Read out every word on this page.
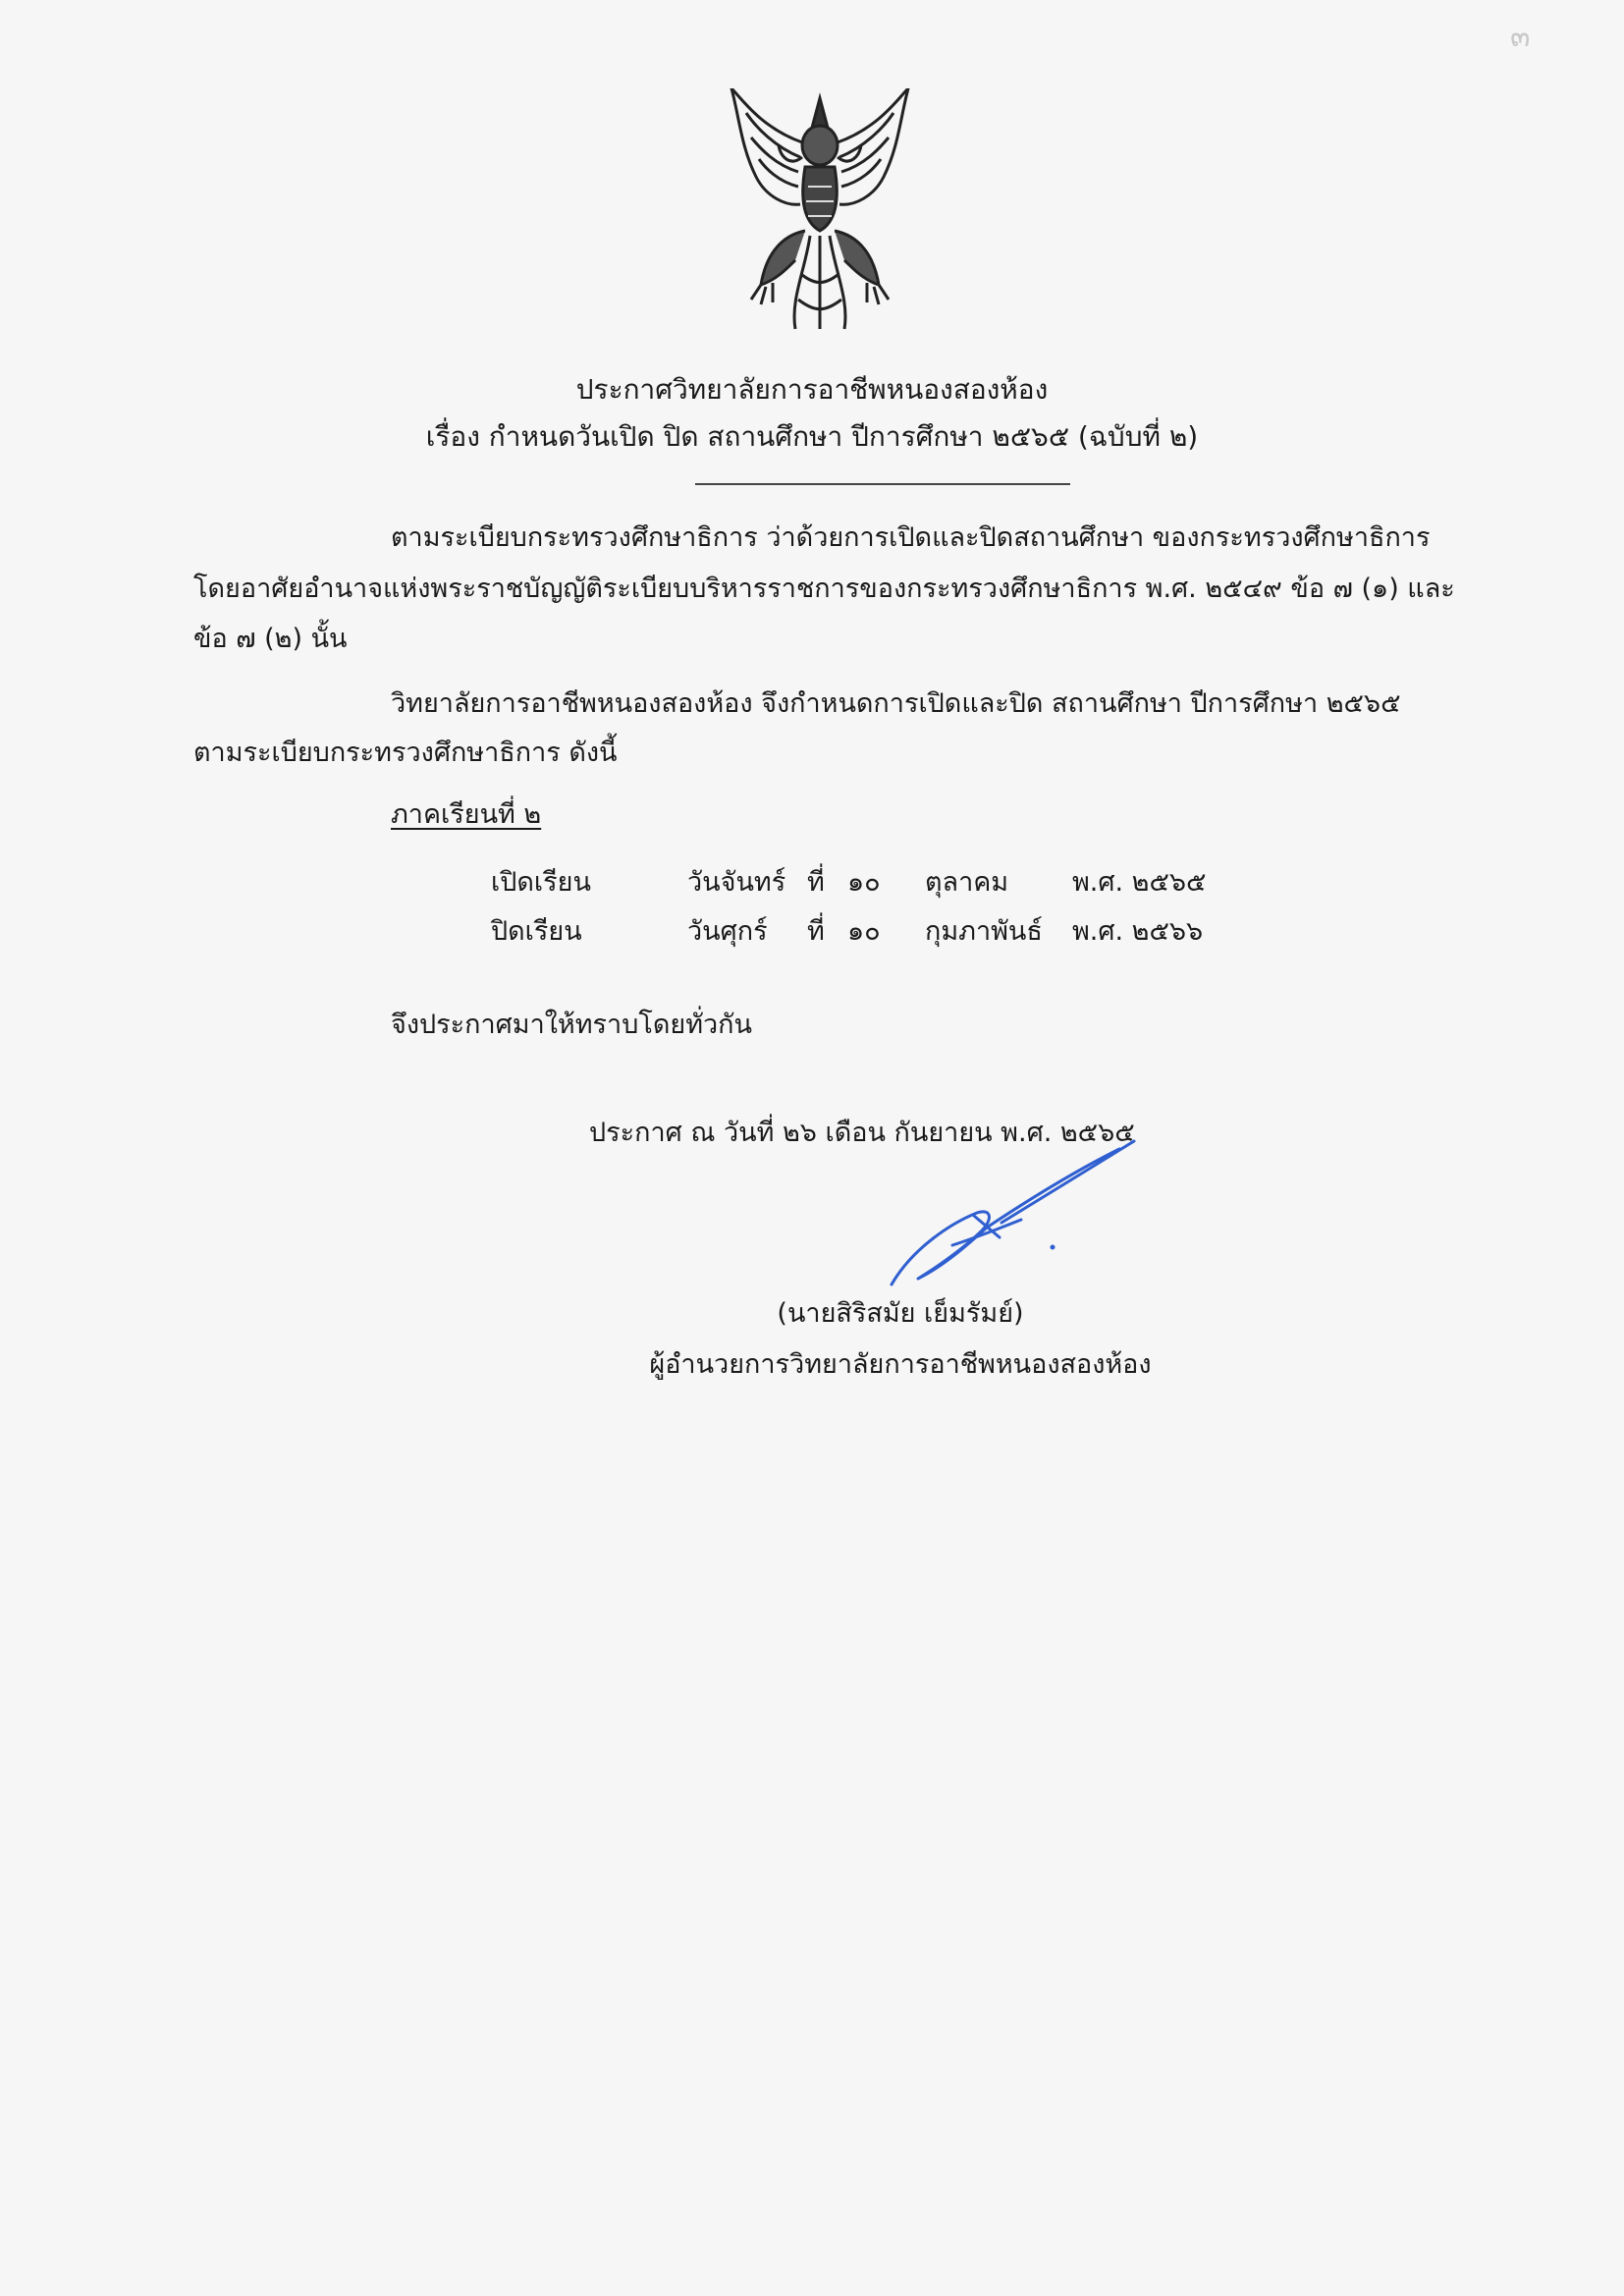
๓
ประกาศวิทยาลัยการอาชีพหนองสองห้อง
เรื่อง กำหนดวันเปิด ปิด สถานศึกษา ปีการศึกษา ๒๕๖๕ (ฉบับที่ ๒)
ตามระเบียบกระทรวงศึกษาธิการ ว่าด้วยการเปิดและปิดสถานศึกษา ของกระทรวงศึกษาธิการ
โดยอาศัยอำนาจแห่งพระราชบัญญัติระเบียบบริหารราชการของกระทรวงศึกษาธิการ พ.ศ. ๒๕๔๙ ข้อ ๗ (๑) และ
ข้อ ๗ (๒) นั้น
วิทยาลัยการอาชีพหนองสองห้อง จึงกำหนดการเปิดและปิด สถานศึกษา ปีการศึกษา ๒๕๖๕
ตามระเบียบกระทรวงศึกษาธิการ ดังนี้
ภาคเรียนที่ ๒
เปิดเรียน	วันจันทร์ ที่ ๑๐ ตุลาคม พ.ศ. ๒๕๖๕
ปิดเรียน	วันศุกร์ ที่ ๑๐ กุมภาพันธ์ พ.ศ. ๒๕๖๖
จึงประกาศมาให้ทราบโดยทั่วกัน
ประกาศ ณ วันที่ ๒๖ เดือน กันยายน พ.ศ. ๒๕๖๕
(นายสิริสมัย เย็มรัมย์)
ผู้อำนวยการวิทยาลัยการอาชีพหนองสองห้อง
